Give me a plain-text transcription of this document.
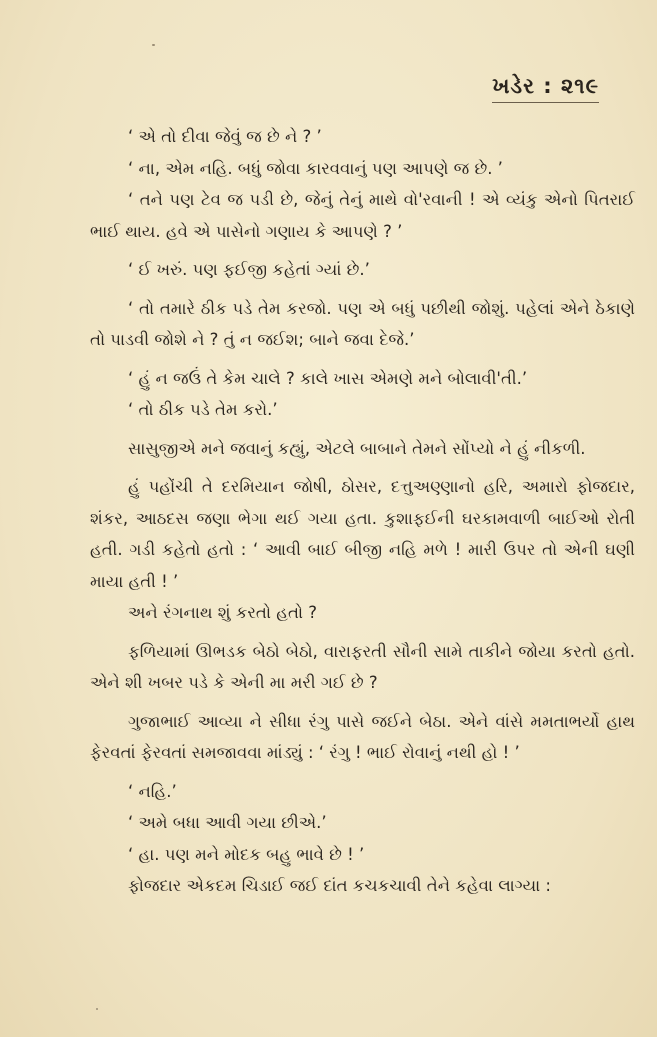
ખડેર : ૨૧૯

‘ એ તો દીવા જેવું જ છે ને ? ’

‘ ના, એમ નહિ. બધું જોવા કારવવાનું પણ આપણે જ છે. ’

‘ તને પણ ટેવ જ પડી છે, જેનું તેનું માથે વો'રવાની ! એ વ્યંકુ એનો પિતરાઈ ભાઈ થાય. હવે એ પાસેનો ગણાય કે આપણે ? ’

‘ ઈ ખરું. પણ ફઈજી કહેતાં ગ્યાં છે.’

‘ તો તમારે ઠીક પડે તેમ કરજો. પણ એ બધું પછીથી જોશું. પહેલાં એને ઠેકાણે તો પાડવી જોશે ને ? તું ન જઈશ; બાને જવા દેજે.’

‘ હું ન જઉં તે કેમ ચાલે ? કાલે ખાસ એમણે મને બોલાવી'તી.’

‘ તો ઠીક પડે તેમ કરો.’

સાસુજીએ મને જવાનું કહ્યું, એટલે બાબાને તેમને સોંપ્યો ને હું નીકળી.

હું પહોંચી તે દરમિયાન જોષી, ઠોસર, દત્તુઅણ્ણાનો હરિ, અમારો ફોજદાર, શંકર, આઠદસ જણા ભેગા થઈ ગયા હતા. કુશાફઈની ઘરકામવાળી બાઈઓ રોતી હતી. ગડી કહેતો હતો : ‘ આવી બાઈ બીજી નહિ મળે ! મારી ઉપર તો એની ઘણી માયા હતી ! ’

અને રંગનાથ શું કરતો હતો ?

ફળિયામાં ઊભડક બેઠો બેઠો, વારાફરતી સૌની સામે તાકીને જોયા કરતો હતો. એને શી ખબર પડે કે એની મા મરી ગઈ છે ?

ગુજાભાઈ આવ્યા ને સીધા રંગુ પાસે જઈને બેઠા. એને વાંસે મમતાભર્યો હાથ ફેરવતાં ફેરવતાં સમજાવવા માંડ્યું : ‘ રંગુ ! ભાઈ રોવાનું નથી હો ! ’

‘ નહિ.’

‘ અમે બધા આવી ગયા છીએ.’

‘ હા. પણ મને મોદક બહુ ભાવે છે ! ’

ફોજદાર એકદમ ચિડાઈ જઈ દાંત કચકચાવી તેને કહેવા લાગ્યા :
